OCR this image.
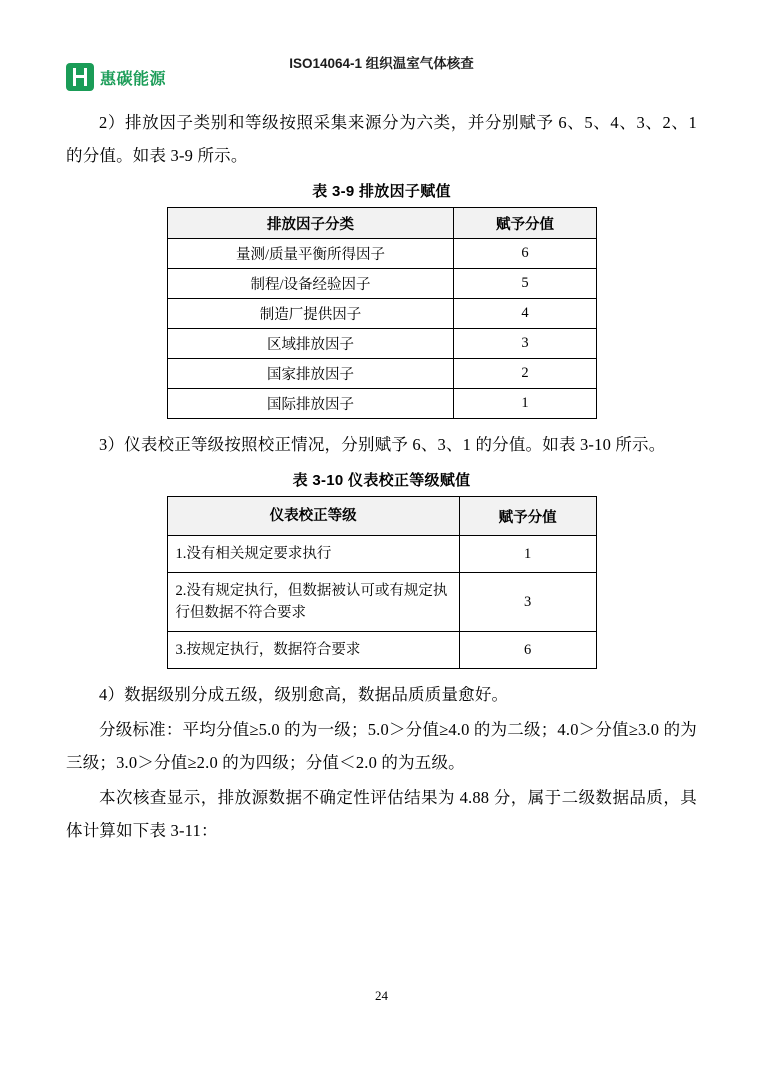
惠碳能源
ISO14064-1 组织温室气体核查

2）排放因子类别和等级按照采集来源分为六类，并分别赋予 6、5、4、3、2、1 的分值。如表 3-9 所示。

表 3-9 排放因子赋值
排放因子分类	赋予分值
量测/质量平衡所得因子	6
制程/设备经验因子	5
制造厂提供因子	4
区域排放因子	3
国家排放因子	2
国际排放因子	1

3）仪表校正等级按照校正情况，分别赋予 6、3、1 的分值。如表 3-10 所示。

表 3-10 仪表校正等级赋值
仪表校正等级	赋予分值
1.没有相关规定要求执行	1
2.没有规定执行，但数据被认可或有规定执行但数据不符合要求	3
3.按规定执行，数据符合要求	6

4）数据级别分成五级，级别愈高，数据品质质量愈好。

分级标准：平均分值≥5.0 的为一级；5.0＞分值≥4.0 的为二级；4.0＞分值≥3.0 的为三级；3.0＞分值≥2.0 的为四级；分值＜2.0 的为五级。

本次核查显示，排放源数据不确定性评估结果为 4.88 分，属于二级数据品质，具体计算如下表 3-11：

24
